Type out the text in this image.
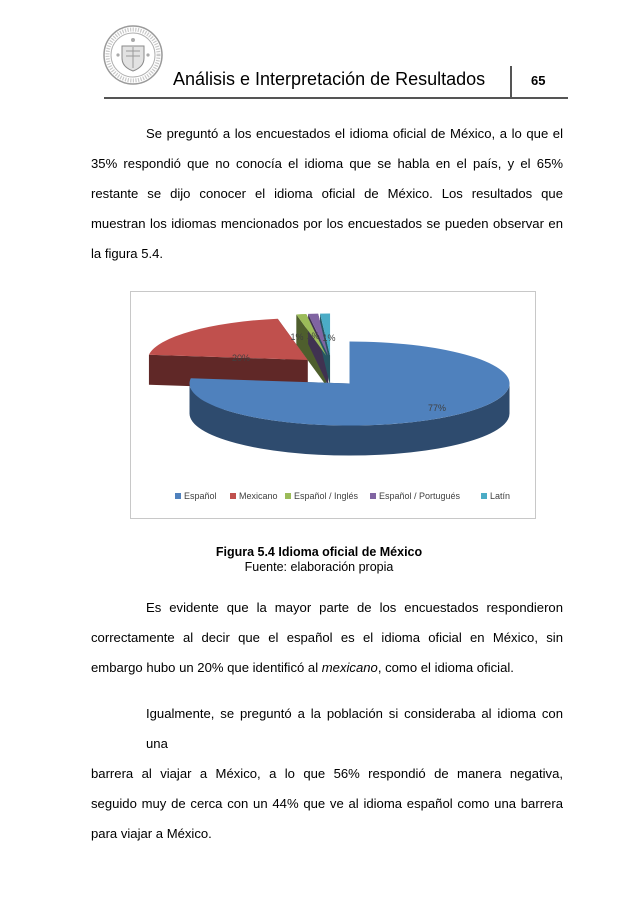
Análisis e Interpretación de Resultados	65
Se preguntó a los encuestados el idioma oficial de México, a lo que el
35% respondió que no conocía el idioma que se habla en el país, y el 65%
restante se dijo conocer el idioma oficial de México. Los resultados que
muestran los idiomas mencionados por los encuestados se pueden observar en
la figura 5.4.
77%
20%
1% 1% 1%
Español Mexicano Español / Inglés Español / Portugués	Latín
Figura 5.4 Idioma oficial de México
Fuente: elaboración propia
Es evidente que la mayor parte de los encuestados respondieron
correctamente al decir que el español es el idioma oficial en México, sin
embargo hubo un 20% que identificó al mexicano, como el idioma oficial.
Igualmente, se preguntó a la población si consideraba al idioma con una
barrera al viajar a México, a lo que 56% respondió de manera negativa,
seguido muy de cerca con un 44% que ve al idioma español como una barrera
para viajar a México.
